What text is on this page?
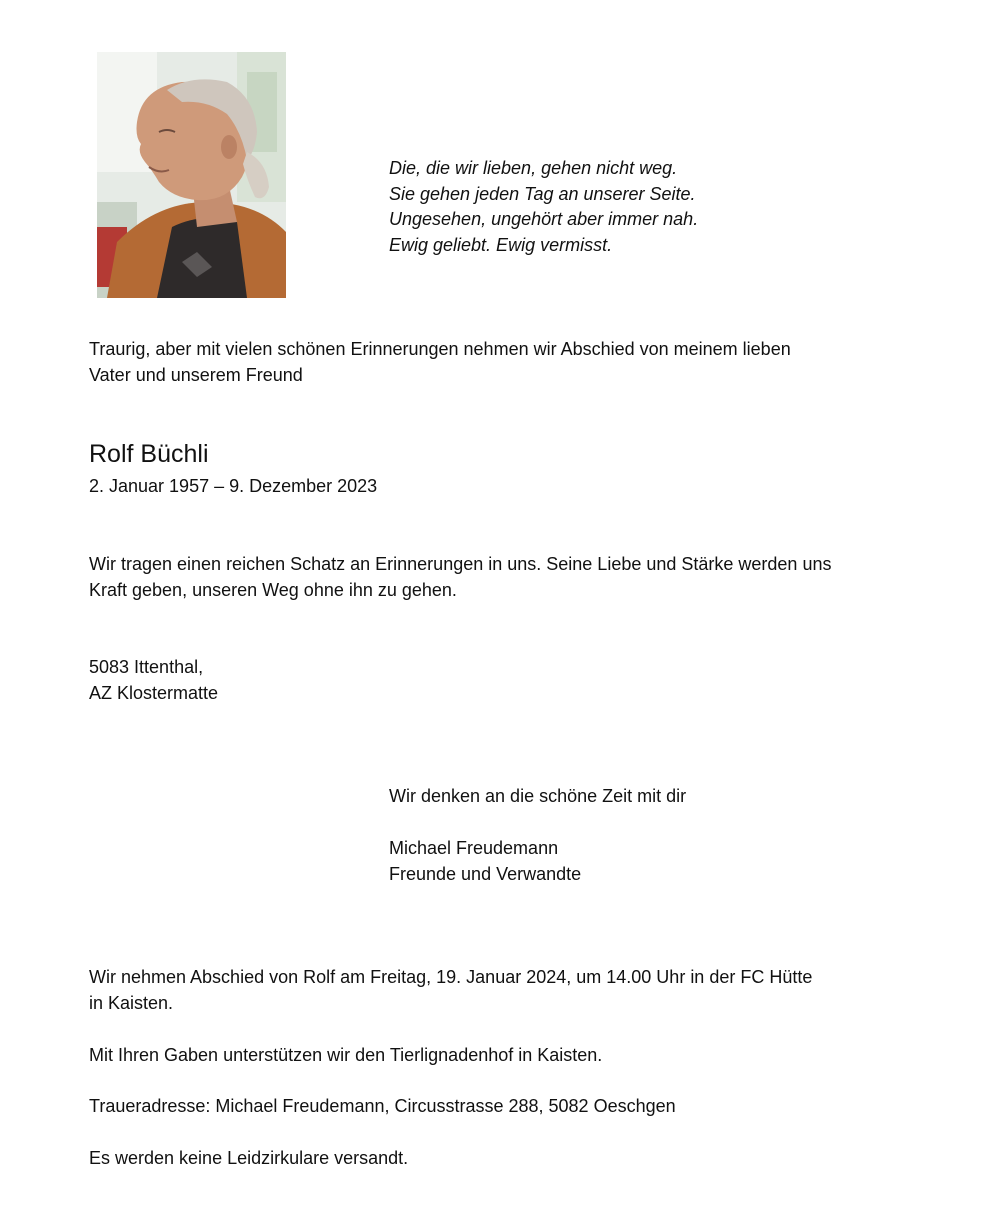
Die, die wir lieben, gehen nicht weg.
Sie gehen jeden Tag an unserer Seite.
Ungesehen, ungehört aber immer nah.
Ewig geliebt. Ewig vermisst.
Traurig, aber mit vielen schönen Erinnerungen nehmen wir Abschied von meinem lieben
Vater und unserem Freund
Rolf Büchli
2. Januar 1957 – 9. Dezember 2023
Wir tragen einen reichen Schatz an Erinnerungen in uns. Seine Liebe und Stärke werden uns
Kraft geben, unseren Weg ohne ihn zu gehen.
5083 Ittenthal,
AZ Klostermatte
Wir denken an die schöne Zeit mit dir
Michael Freudemann
Freunde und Verwandte
Wir nehmen Abschied von Rolf am Freitag, 19. Januar 2024, um 14.00 Uhr in der FC Hütte
in Kaisten.
Mit Ihren Gaben unterstützen wir den Tierlignadenhof in Kaisten.
Traueradresse: Michael Freudemann, Circusstrasse 288, 5082 Oeschgen
Es werden keine Leidzirkulare versandt.
